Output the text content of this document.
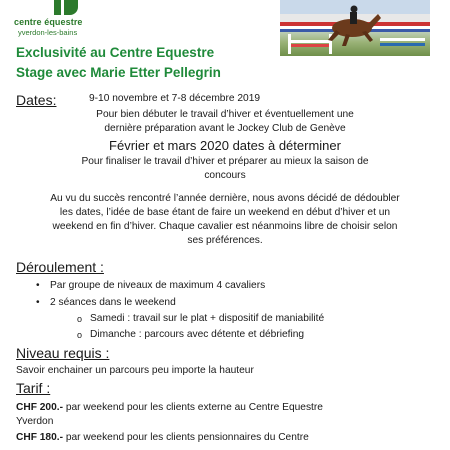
centre équestre
yverdon-les-bains
Exclusivité au Centre Equestre
Stage avec Marie Etter Pellegrin
Dates:	9-10 novembre et 7-8 décembre 2019
Pour bien débuter le travail d’hiver et éventuellement une
dernière préparation avant le Jockey Club de Genève
Février et mars 2020 dates à déterminer
Pour finaliser le travail d’hiver et préparer au mieux la saison de
concours
Au vu du succès rencontré l’année dernière, nous avons décidé de dédoubler
les dates, l’idée de base étant de faire un weekend en début d’hiver et un
weekend en fin d’hiver. Chaque cavalier est néanmoins libre de choisir selon
ses préférences.
Déroulement :
• Par groupe de niveaux de maximum 4 cavaliers
• 2 séances dans le weekend
o Samedi : travail sur le plat + dispositif de maniabilité
o Dimanche : parcours avec détente et débriefing
Niveau requis :
Savoir enchainer un parcours peu importe la hauteur
Tarif :
CHF 200.- par weekend pour les clients externe au Centre Equestre
Yverdon
CHF 180.- par weekend pour les clients pensionnaires du Centre
